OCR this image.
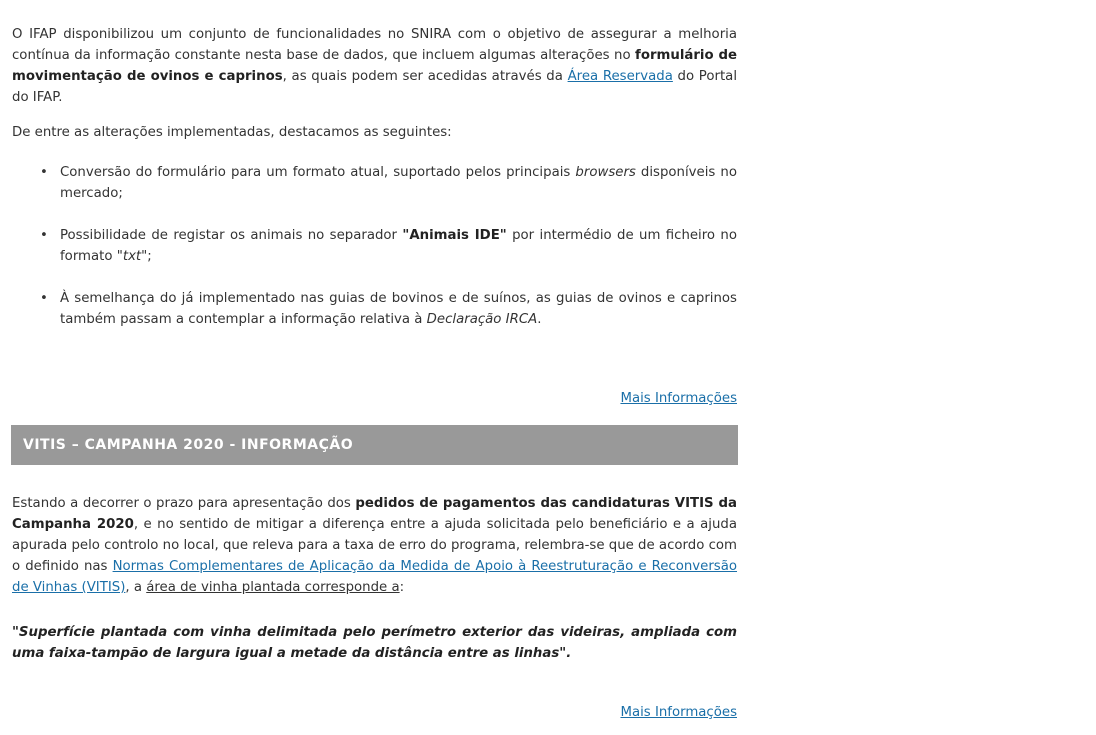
O IFAP disponibilizou um conjunto de funcionalidades no SNIRA com o objetivo de assegurar a melhoria contínua da informação constante nesta base de dados, que incluem algumas alterações no formulário de movimentação de ovinos e caprinos, as quais podem ser acedidas através da Área Reservada do Portal do IFAP.

De entre as alterações implementadas, destacamos as seguintes:

• Conversão do formulário para um formato atual, suportado pelos principais browsers disponíveis no mercado;
• Possibilidade de registar os animais no separador "Animais IDE" por intermédio de um ficheiro no formato "txt";
• À semelhança do já implementado nas guias de bovinos e de suínos, as guias de ovinos e caprinos também passam a contemplar a informação relativa à Declaração IRCA.
Mais Informações
VITIS – CAMPANHA 2020 - INFORMAÇÃO

Estando a decorrer o prazo para apresentação dos pedidos de pagamentos das candidaturas VITIS da Campanha 2020, e no sentido de mitigar a diferença entre a ajuda solicitada pelo beneficiário e a ajuda apurada pelo controlo no local, que releva para a taxa de erro do programa, relembra-se que de acordo com o definido nas Normas Complementares de Aplicação da Medida de Apoio à Reestruturação e Reconversão de Vinhas (VITIS), a área de vinha plantada corresponde a:

"Superfície plantada com vinha delimitada pelo perímetro exterior das videiras, ampliada com uma faixa-tampão de largura igual a metade da distância entre as linhas".

Mais Informações
